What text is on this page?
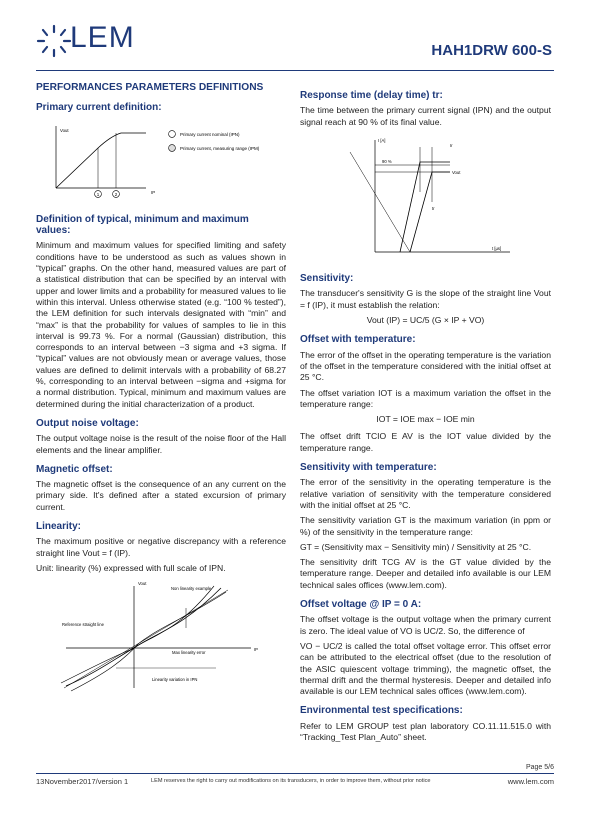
LEM	HAH1DRW 600-S
PERFORMANCES PARAMETERS DEFINITIONS
Primary current definition:
1	2
Vout
IP
Primary current nominal (IPN)
Primary current, measuring range (IPM)
Definition of typical, minimum and maximum values:

Minimum and maximum values for specified limiting and safety conditions have to be understood as such as values shown in “typical” graphs. On the other hand, measured values are part of a statistical distribution that can be specified by an interval with upper and lower limits and a probability for measured values to lie within this interval. Unless otherwise stated (e.g. “100 % tested”), the LEM definition for such intervals designated with “min” and “max” is that the probability for values of samples to lie in this interval is 99.73 %. For a normal (Gaussian) distribution, this corresponds to an interval between −3 sigma and +3 sigma. If “typical” values are not obviously mean or average values, those values are defined to delimit intervals with a probability of 68.27 %, corresponding to an interval between −sigma and +sigma for a normal distribution. Typical, minimum and maximum values are determined during the initial characterization of a product.

Output noise voltage:

The output voltage noise is the result of the noise floor of the Hall elements and the linear amplifier.

Magnetic offset:

The magnetic offset is the consequence of an any current on the primary side. It's defined after a stated excursion of primary current.

Linearity:

The maximum positive or negative discrepancy with a reference straight line Vout = f (IP).

Unit: linearity (%) expressed with full scale of IPN.

Vout
IP
Non linearity example
Reference straight line
Max linearity error
Linearity variation in IPN
Response time (delay time) tr:

The time between the primary current signal (IPN) and the output signal reach at 90 % of its final value.

I [A]
t [µs]
90 %
Ir
Vout
tr
Sensitivity:

The transducer's sensitivity G is the slope of the straight line Vout = f (IP), it must establish the relation:

Vout (IP) = UC/5 (G × IP + VO)
Offset with temperature:

The error of the offset in the operating temperature is the variation of the offset in the temperature considered with the initial offset at 25 °C.

The offset variation IOT is a maximum variation the offset in the temperature range:

IOT = IOE max − IOE min

The offset drift TCIO E AV is the IOT value divided by the temperature range.

Sensitivity with temperature:

The error of the sensitivity in the operating temperature is the relative variation of sensitivity with the temperature considered with the initial offset at 25 °C.

The sensitivity variation GT is the maximum variation (in ppm or %) of the sensitivity in the temperature range:

GT = (Sensitivity max − Sensitivity min) / Sensitivity at 25 °C.

The sensitivity drift TCG AV is the GT value divided by the temperature range. Deeper and detailed info available is our LEM technical sales offices (www.lem.com).

Offset voltage @ IP = 0 A:

The offset voltage is the output voltage when the primary current is zero. The ideal value of VO is UC/2. So, the difference of

VO − UC/2 is called the total offset voltage error. This offset error can be attributed to the electrical offset (due to the resolution of the ASIC quiescent voltage trimming), the magnetic offset, the thermal drift and the thermal hysteresis. Deeper and detailed info available is our LEM technical sales offices (www.lem.com).

Environmental test specifications:

Refer to LEM GROUP test plan laboratory CO.11.11.515.0 with “Tracking_Test Plan_Auto” sheet.

Page 5/6
13November2017/version 1	LEM reserves the right to carry out modifications on its transducers, in order to improve them, without prior notice	www.lem.com
